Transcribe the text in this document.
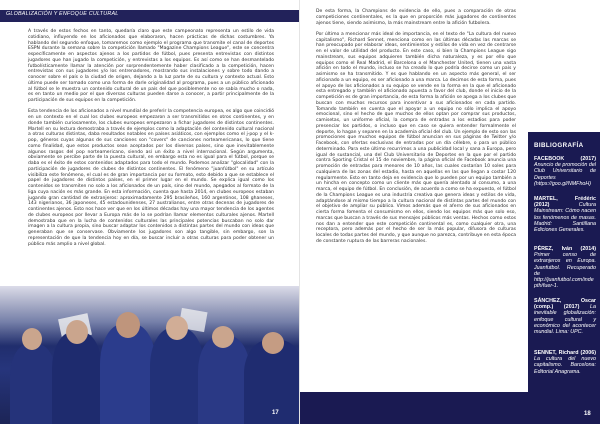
GLOBALIZACIÓN Y ENFOQUE CULTURAL

A través de estos fechos en tanto, quedaría claro que este campeonato representa un estilo de vida cotidiano, influyendo en los aficionados que elaboraron, hacen prácticas de dichas costumbres. Ya hablando del segundo enfoque, tomaremos como ejemplo el programa que transmite el canal de deportes ESPN durante la semana sobre la competición llamado "Magazine Champions League", este se concentra específicamente en aspectos ajenos a los partidos de fútbol, pues presenta entrevistas con distintos jugadores que han jugado la competición, y entrevistas a los equipos. Es así como se han desmantelado futbolísticamente llamar la atención por sorprendentemente haber clasificado a la competición, hacen entrevistas con sus jugadores y/o los entrenadores, mostrando sus instalaciones y sobre todo dando a conocer sobre el país o la ciudad de origen, dejando a la luz parte de su cultura y contexto actual. Esto último puede ser tomado como una forma de darle originalidad al programa, pues a un público aficionado al fútbol se le muestra un contenido cultural de un país del que posiblemente no se sabía mucho o nada, es en tanto un medio por el que diversas culturas pueden darse a conocer, a partir principalmente de la participación de sus equipos en la competición.

Esta tendencia de los aficionados a nivel mundial de preferir la competencia europea, es algo que coincidió en un contexto en el cual los clubes europeos empezaron a ser transmitidos en otros continentes, y en donde también curiosamente, los clubes europeos empezaron a fichar jugadores de distintos continentes. Martell en su lectura demostraba a través de ejemplos como la adaptación del contenido cultural nacional a otras culturas distintas, daba resultados notables en países asiáticos, con ejemplos como el j-pop y el k-pop, géneros cuyas algunas de sus canciones son "covers" de canciones norteamericanas, lo que tiene como finalidad, que estos productos sean aceptados por los diversos países, sino que inevitablemente algunos rasgos del pop norteamericano, siendo así un éxito a nivel internacional. Según argumenta, obviamente se percibe parte de la puesta cultural, en embargo esta no es igual para el fútbol, porque se daba es el éxito de estos contenidos adaptados para todo el mundo. Podemos analizar "glocalidad" con la participación de jugadores de clubes de distintos continentes. El fenómeno "juanfútbol" en su artículo visibiliza este fenómeno, el cual es de gran importancia por su formato, esto debido a que se establece el papel de jugadores de distintos países, en el primer lugar en el mundo. Se explica igual como los contenidos se transmiten no solo a los aficionados de un país, sino del mundo, apegados al formato de la liga cuya nación es más grande. En esta información, cuenta que hasta 2014, en clubes europeos estaban jugando gran cantidad de extranjeros: aproximadamente 295 brasileños, 160 argentinos, 108 ghaneses, 143 nigerianos, 36 japoneses, 45 estadounidenses, 27 australianos, entre otras decenas de jugadores de continentes ajenos. Esto nos hace ver que en los últimos décadas hay una mayor tendencia de los agentes de clubes europeos por llevar a Europa más de lo se podrían llamar elementos culturales ajenos. Martell demostraba que en la lucha de contenidos culturales las principales potencias buscaban no solo dar imagen a la cultura propia, sino buscar adaptar los contenidos a distintas partes del mundo con ideas que generaban que se conservase. Obviamente los jugadores son algo tangible, sin embargo, son la representación de que la tendencia hoy en día, se buscar incluir a otras culturas para poder obtener un público más amplio a nivel global.

17

De esta forma, la Champions de evidencia de ello, pues a comparación de otras competiciones continentales, es la que en proporción más jugadores de continentes ajenos tiene, siendo asimismo, la más mainstream entre la afición futbolera.

Por último a mencionar más ideal de importancia, en el texto de "La cultura del nuevo capitalismo", Richard Sennet, menciona como en las últimas décadas las marcas se han preocupado por elaborar ideas, sentimientos y estilos de vida en vez de centrarse en el valor de utilidad del producto. En este caso, si bien la Champions League sigo mainstream, sus equipos adquieren también dicha naturaleza, y es por ello que equipos como el Real Madrid, el Barcelona o el Manchester United, tienen una vasta afición en todo el mundo, incluso se ha creado lo que podría decirse como un país y asimismo se ha transmitido. Y es que hablando en un aspecto más general, el ser aficionado a un equipo, es ser aficionado a una marca. Lo decimos de esta forma, pues el apoyo de los aficionados a su equipo se vende en la forma en la que el aficionado esta entregado y también el aficionado apuesta a favor del club, donde el inicio de la competición es de gran importancia, de esta forma la afición se apega a los clubes que buscan con muchos recursos para incentivar a sus aficionados en cada partido. Tomando también en cuenta que el apoyar a un equipo no sólo implica el apoyo emocional, sino el hecho de que muchos de ellos optan por comprar sus productos, camisetas, un uniforme oficial, la compra de entradas a los estadios para poder presenciar los partidos, o incluso que en caso se quiera entender formalmente el deporte, lo hagan y separen en la academia oficial del club. Un ejemplo de esto son las promociones que muchos equipos de fútbol anuncian en sus páginas de Twitter y/o Facebook, con ofertas exclusivas de entradas por un día célebre, o para un público determinado. Para este último recurrimos a una publicidad local y sana a Europa, pero igual de sustancial, una del Club Universitario de Deportes en la que por el partido contra Sporting Cristal el 15 de noviembre, la página oficial de Facebook anuncia una promoción de entradas para menores de 10 años, las cuales costarían 10 soles para cualquiera de las zonas del estadio, hasta en aquellas en las que llegan a costar 120 regularmente. Esto en tanto deja en evidencia que lo pueden por un equipo también a un hincha en concepto como un cliente más que quería alentado al consumo, a una marca, el equipo de fútbol. En conclusión, de acuerdo a como se ha expuesto, el fútbol de la Champions League es una industria creativa que genera ideas y estilos de vida, adaptándose al mismo tiempo a la cultura nacional de distintas partes del mundo con el objetivo de ampliar su público. Vimos además que el aferro de sus aficionados en cierta forma fomenta el consumismo en ellos, siendo los equipos más que solo eso, marcas que buscan a través de sus mensajes públicos más ventas. Hechos como estos nos dan a entender que este competición continental es, como cualquier otra, una receptora, pero además por el hecho de ser la más popular, difusora de culturas locales de todas partes del mundo, y que aunque no parezca, contribuye en esta época de constante ruptura de las barreras nacionales.

BIBLIOGRAFÍA
FACEBOOK (2017) Anuncio de promoción del Club Universitario de Deportes (https://goo.gl/NMFhoH)
MARTEL, Frédéric (2012)	Cultura Mainstream: Cómo nacen los fenómenos de masas. Madrid: Santillana Ediciones Generales.
PÉREZ, Iván (2014) Primer censo de extranjeros en Europa. Juanfutbol. Recuperado de http://juanfutbol.com/indepth/fuer-1.
SÁNCHEZ, Oscar (comp.) (2017) La inevitable globalización: enfoque cultural y económico del acontecer mundial. Lima: UPC.
SENNET, Richard (2006) La cultura del nuevo capitalismo. Barcelona: Editorial Anagrama.
18
